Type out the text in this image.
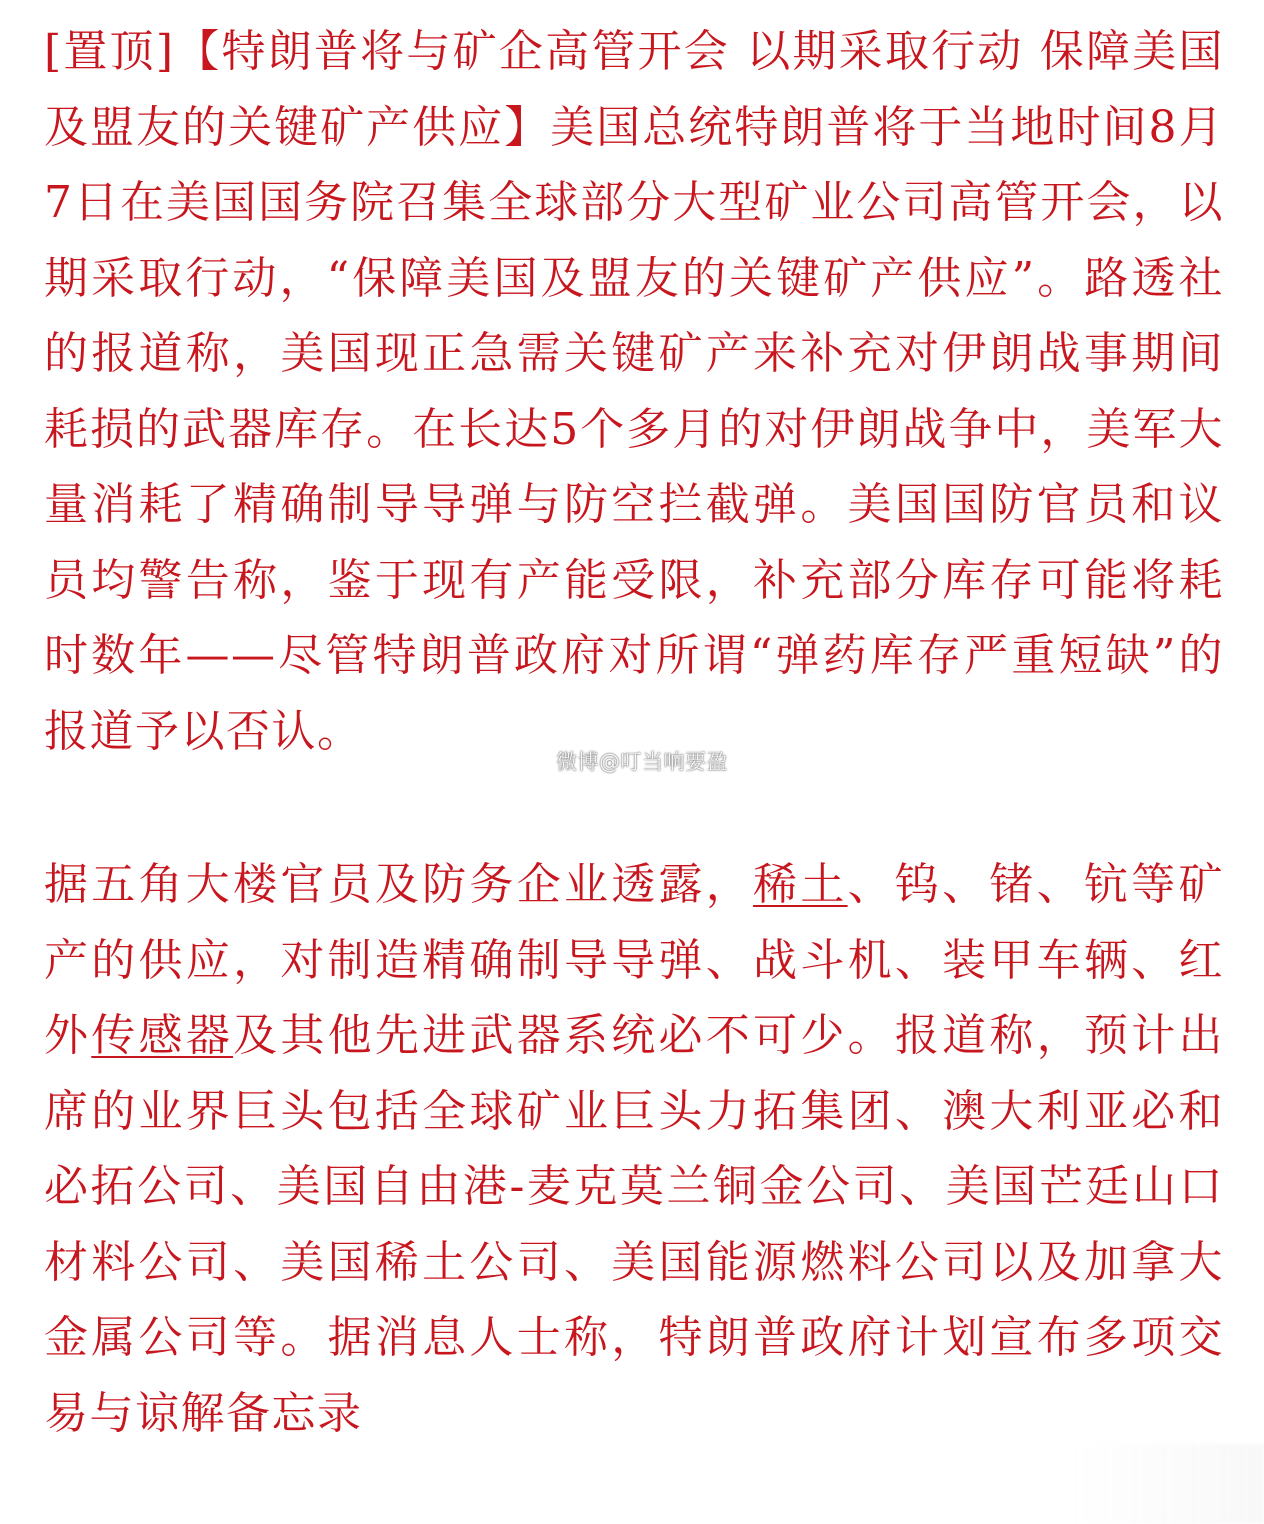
[置顶]【特朗普将与矿企高管开会 以期采取行动 保障美国及盟友的关键矿产供应】美国总统特朗普将于当地时间8月7日在美国国务院召集全球部分大型矿业公司高管开会，以期采取行动，“保障美国及盟友的关键矿产供应”。路透社的报道称，美国现正急需关键矿产来补充对伊朗战事期间耗损的武器库存。在长达5个多月的对伊朗战争中，美军大量消耗了精确制导导弹与防空拦截弹。美国国防官员和议员均警告称，鉴于现有产能受限，补充部分库存可能将耗时数年——尽管特朗普政府对所谓“弹药库存严重短缺”的报道予以否认。

据五角大楼官员及防务企业透露，稀土、钨、锗、钪等矿产的供应，对制造精确制导导弹、战斗机、装甲车辆、红外传感器及其他先进武器系统必不可少。报道称，预计出席的业界巨头包括全球矿业巨头力拓集团、澳大利亚必和必拓公司、美国自由港-麦克莫兰铜金公司、美国芒廷山口材料公司、美国稀土公司、美国能源燃料公司以及加拿大金属公司等。据消息人士称，特朗普政府计划宣布多项交易与谅解备忘录

微博@叮当响要盈
